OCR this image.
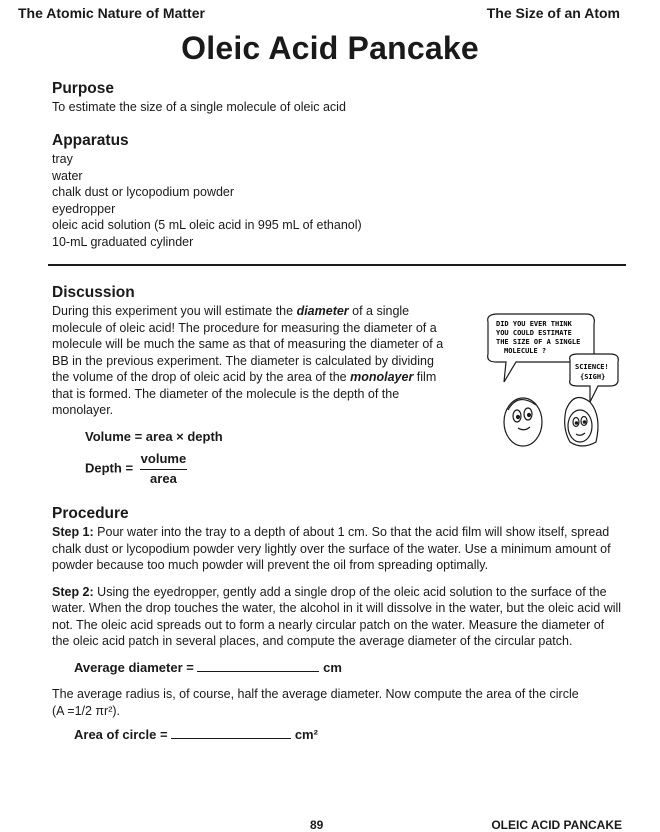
The Atomic Nature of Matter	The Size of an Atom
Oleic Acid Pancake
Purpose

To estimate the size of a single molecule of oleic acid

Apparatus
tray
water
chalk dust or lycopodium powder
eyedropper
oleic acid solution (5 mL oleic acid in 995 mL of ethanol)
10-mL graduated cylinder
Discussion

During this experiment you will estimate the diameter of a single molecule of oleic acid! The procedure for measuring the diameter of a molecule will be much the same as that of measuring the diameter of a BB in the previous experiment. The diameter is calculated by dividing the volume of the drop of oleic acid by the area of the monolayer film that is formed. The diameter of the molecule is the depth of the monolayer.

Volume = area × depth
Depth = $\frac{\text{volume}}{\text{area}}$
DID YOU EVER THINK
YOU COULD ESTIMATE
THE SIZE OF A SINGLE
MOLECULE ?
SCIENCE!
{SIGH}
Procedure

Step 1: Pour water into the tray to a depth of about 1 cm. So that the acid film will show itself, spread chalk dust or lycopodium powder very lightly over the surface of the water. Use a minimum amount of powder because too much powder will prevent the oil from spreading optimally.

Step 2: Using the eyedropper, gently add a single drop of the oleic acid solution to the surface of the water. When the drop touches the water, the alcohol in it will dissolve in the water, but the oleic acid will not. The oleic acid spreads out to form a nearly circular patch on the water. Measure the diameter of the oleic acid patch in several places, and compute the average diameter of the circular patch.

Average diameter =	cm

The average radius is, of course, half the average diameter. Now compute the area of the circle
(A =1/2 πr²).

Area of circle =	cm²
89	OLEIC ACID PANCAKE
